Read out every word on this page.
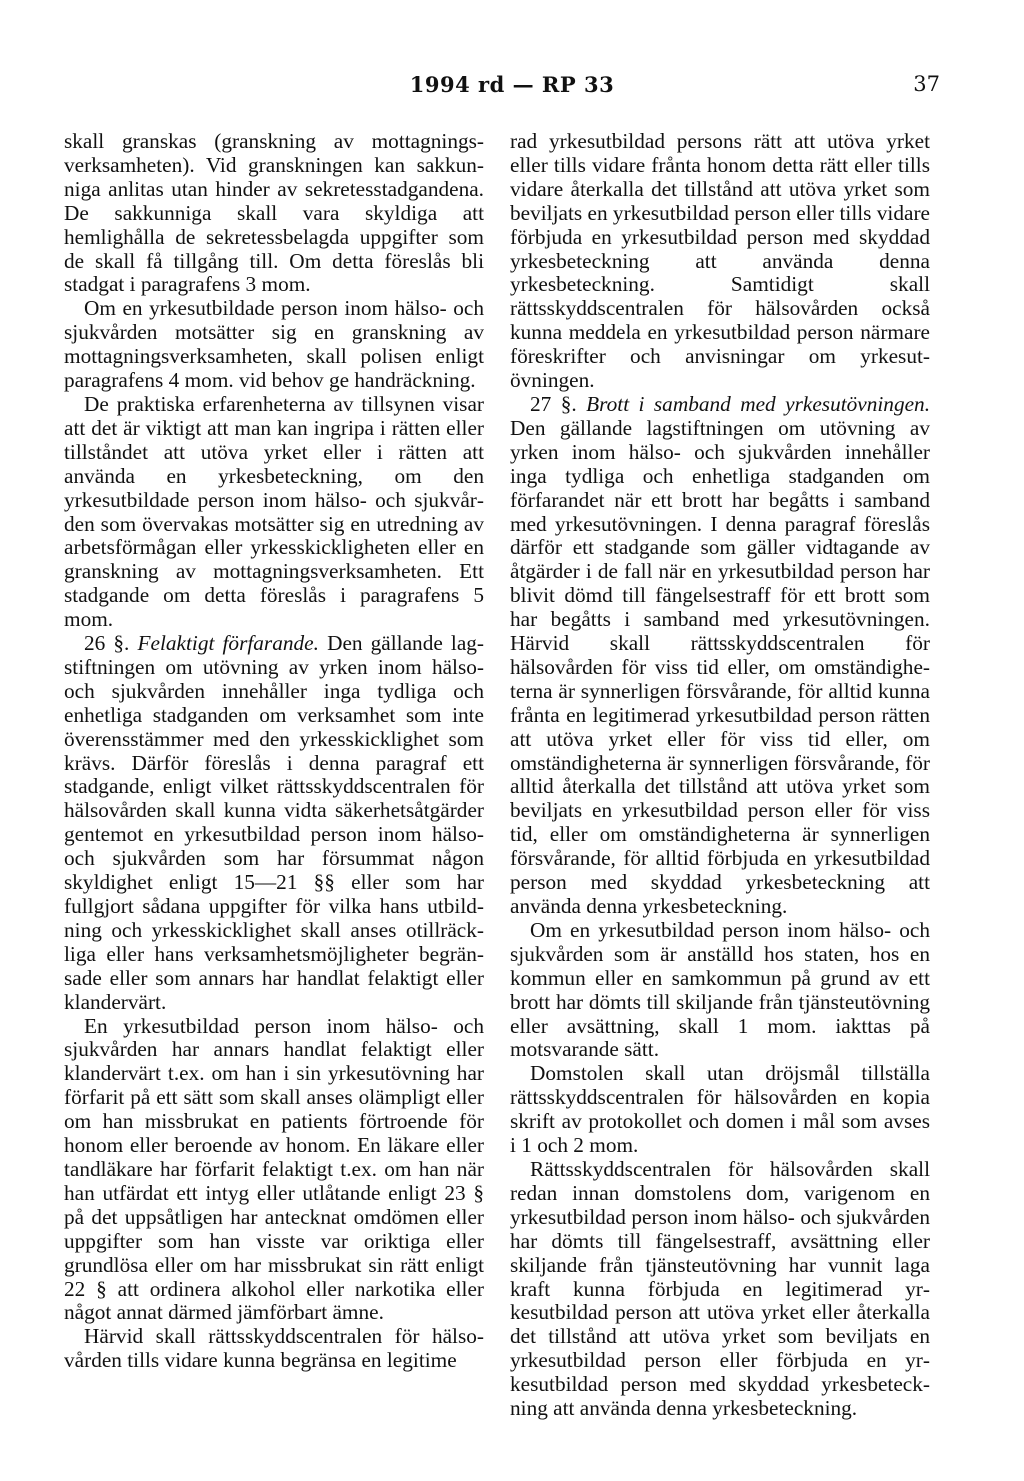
1994 rd — RP 33	37

skall granskas (granskning av mottagningsverksamheten). Vid granskningen kan sakkunniga anlitas utan hinder av sekretesstadgandena. De sakkunniga skall vara skyldiga att hemlighålla de sekretessbelagda uppgifter som de skall få tillgång till. Om detta föreslås bli stadgat i paragrafens 3 mom.

Om en yrkesutbildade person inom hälso- och sjukvården motsätter sig en granskning av mottagningsverksamheten, skall polisen enligt paragrafens 4 mom. vid behov ge handräckning.

De praktiska erfarenheterna av tillsynen visar att det är viktigt att man kan ingripa i rätten eller tillståndet att utöva yrket eller i rätten att använda en yrkesbeteckning, om den yrkesutbildade person inom hälso- och sjukvården som övervakas motsätter sig en utredning av arbetsförmågan eller yrkesskickligheten eller en granskning av mottagningsverksamheten. Ett stadgande om detta föreslås i paragrafens 5 mom.

26 §. Felaktigt förfarande. Den gällande lagstiftningen om utövning av yrken inom hälso- och sjukvården innehåller inga tydliga och enhetliga stadganden om verksamhet som inte överensstämmer med den yrkesskicklighet som krävs. Därför föreslås i denna paragraf ett stadgande, enligt vilket rättsskyddscentralen för hälsovården skall kunna vidta säkerhetsåtgärder gentemot en yrkesutbildad person inom hälso- och sjukvården som har försummat någon skyldighet enligt 15—21 §§ eller som har fullgjort sådana uppgifter för vilka hans utbildning och yrkesskicklighet skall anses otillräckliga eller hans verksamhetsmöjligheter begränsade eller som annars har handlat felaktigt eller klandervärt.

En yrkesutbildad person inom hälso- och sjukvården har annars handlat felaktigt eller klandervärt t.ex. om han i sin yrkesutövning har förfarit på ett sätt som skall anses olämpligt eller om han missbrukat en patients förtroende för honom eller beroende av honom. En läkare eller tandläkare har förfarit felaktigt t.ex. om han när han utfärdat ett intyg eller utlåtande enligt 23 § på det uppsåtligen har antecknat omdömen eller uppgifter som han visste var oriktiga eller grundlösa eller om har missbrukat sin rätt enligt 22 § att ordinera alkohol eller narkotika eller något annat därmed jämförbart ämne.

Härvid skall rättsskyddscentralen för hälsovården tills vidare kunna begränsa en legitime

rad yrkesutbildad persons rätt att utöva yrket eller tills vidare frånta honom detta rätt eller tills vidare återkalla det tillstånd att utöva yrket som beviljats en yrkesutbildad person eller tills vidare förbjuda en yrkesutbildad person med skyddad yrkesbeteckning att använda denna yrkesbeteckning. Samtidigt skall rättsskyddscentralen för hälsovården också kunna meddela en yrkesutbildad person närmare föreskrifter och anvisningar om yrkesutövningen.

27 §. Brott i samband med yrkesutövningen. Den gällande lagstiftningen om utövning av yrken inom hälso- och sjukvården innehåller inga tydliga och enhetliga stadganden om förfarandet när ett brott har begåtts i samband med yrkesutövningen. I denna paragraf föreslås därför ett stadgande som gäller vidtagande av åtgärder i de fall när en yrkesutbildad person har blivit dömd till fängelsestraff för ett brott som har begåtts i samband med yrkesutövningen. Härvid skall rättsskyddscentralen för hälsovården för viss tid eller, om omständigheterna är synnerligen försvårande, för alltid kunna frånta en legitimerad yrkesutbildad person rätten att utöva yrket eller för viss tid eller, om omständigheterna är synnerligen försvårande, för alltid återkalla det tillstånd att utöva yrket som beviljats en yrkesutbildad person eller för viss tid, eller om omständigheterna är synnerligen försvårande, för alltid förbjuda en yrkesutbildad person med skyddad yrkesbeteckning att använda denna yrkesbeteckning.

Om en yrkesutbildad person inom hälso- och sjukvården som är anställd hos staten, hos en kommun eller en samkommun på grund av ett brott har dömts till skiljande från tjänsteutövning eller avsättning, skall 1 mom. iakttas på motsvarande sätt.

Domstolen skall utan dröjsmål tillställa rättsskyddscentralen för hälsovården en kopia skrift av protokollet och domen i mål som avses i 1 och 2 mom.

Rättsskyddscentralen för hälsovården skall redan innan domstolens dom, varigenom en yrkesutbildad person inom hälso- och sjukvården har dömts till fängelsestraff, avsättning eller skiljande från tjänsteutövning har vunnit laga kraft kunna förbjuda en legitimerad yrkesutbildad person att utöva yrket eller återkalla det tillstånd att utöva yrket som beviljats en yrkesutbildad person eller förbjuda en yrkesutbildad person med skyddad yrkesbeteckning att använda denna yrkesbeteckning.
